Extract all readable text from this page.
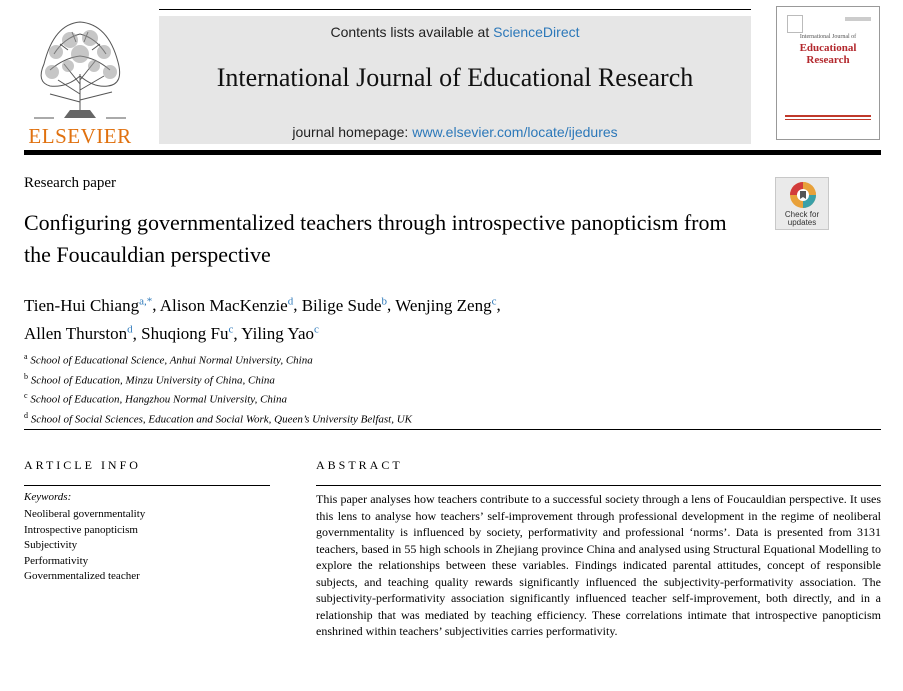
ELSEVIER
Contents lists available at ScienceDirect
International Journal of Educational Research
journal homepage: www.elsevier.com/locate/ijedures
International Journal of
Educational
Research
Research paper
Configuring governmentalized teachers through introspective panopticism from the Foucauldian perspective
Check for
updates
Tien-Hui Chiang$^{a,*}$, Alison MacKenzie$^d$, Bilige Sude$^b$, Wenjing Zeng$^c$,
Allen Thurston$^d$, Shuqiong Fu$^c$, Yiling Yao$^c$
$^a$ School of Educational Science, Anhui Normal University, China
$^b$ School of Education, Minzu University of China, China
$^c$ School of Education, Hangzhou Normal University, China
$^d$ School of Social Sciences, Education and Social Work, Queen’s University Belfast, UK
ARTICLE INFO	ABSTRACT
Keywords:
Neoliberal governmentality
Introspective panopticism
Subjectivity
Performativity
Governmentalized teacher
This paper analyses how teachers contribute to a successful society through a lens of Foucauldian perspective. It uses this lens to analyse how teachers’ self-improvement through professional development in the regime of neoliberal governmentality is influenced by society, performativity and professional ‘norms’. Data is presented from 3131 teachers, based in 55 high schools in Zhejiang province China and analysed using Structural Equational Modelling to explore the relationships between these variables. Findings indicated parental attitudes, concept of responsible subjects, and teaching quality rewards significantly influenced the subjectivity-performativity association. The subjectivity-performativity association significantly influenced teacher self-improvement, both directly, and in a relationship that was mediated by teaching efficiency. These correlations intimate that introspective panopticism enshrined within teachers’ subjectivities carries performativity.
